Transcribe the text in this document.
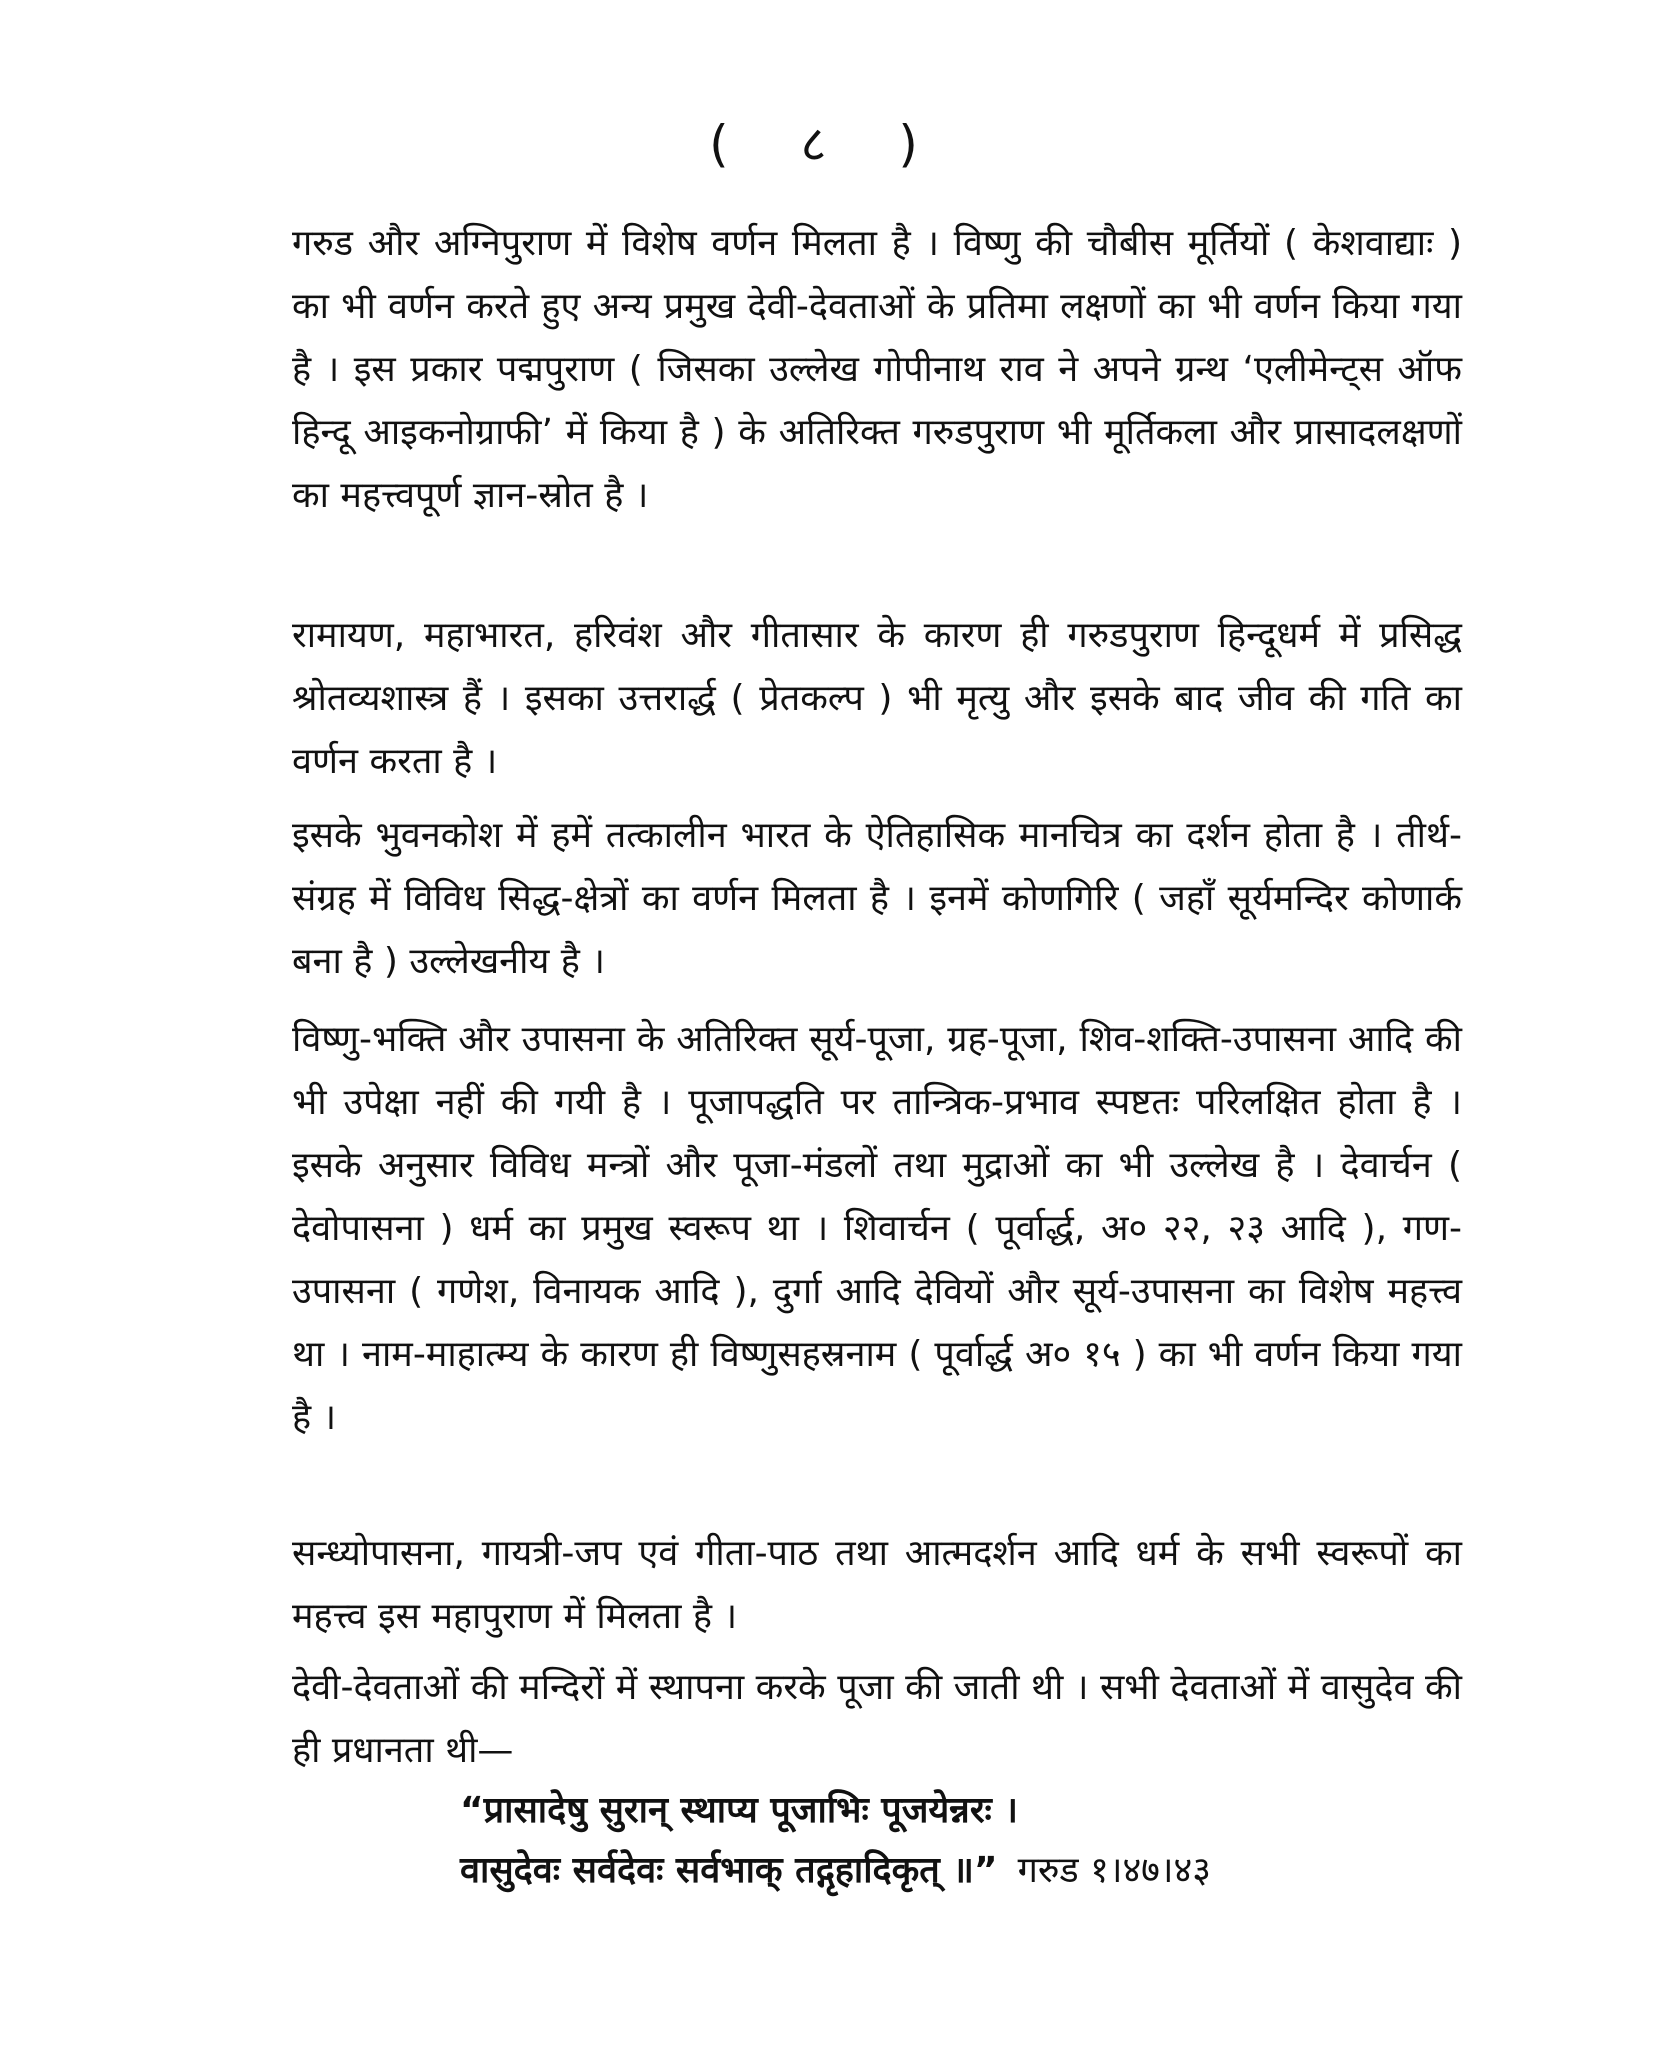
( ८ )

गरुड और अग्निपुराण में विशेष वर्णन मिलता है । विष्णु की चौबीस मूर्तियों ( केशवाद्याः ) का भी वर्णन करते हुए अन्य प्रमुख देवी-देवताओं के प्रतिमा लक्षणों का भी वर्णन किया गया है । इस प्रकार पद्मपुराण ( जिसका उल्लेख गोपीनाथ राव ने अपने ग्रन्थ ‘एलीमेन्ट्स ऑफ हिन्दू आइकनोग्राफी’ में किया है ) के अतिरिक्त गरुडपुराण भी मूर्तिकला और प्रासादलक्षणों का महत्त्वपूर्ण ज्ञान-स्रोत है ।

रामायण, महाभारत, हरिवंश और गीतासार के कारण ही गरुडपुराण हिन्दूधर्म में प्रसिद्ध श्रोतव्यशास्त्र हैं । इसका उत्तरार्द्ध ( प्रेतकल्प ) भी मृत्यु और इसके बाद जीव की गति का वर्णन करता है ।

इसके भुवनकोश में हमें तत्कालीन भारत के ऐतिहासिक मानचित्र का दर्शन होता है । तीर्थ-संग्रह में विविध सिद्ध-क्षेत्रों का वर्णन मिलता है । इनमें कोणगिरि ( जहाँ सूर्यमन्दिर कोणार्क बना है ) उल्लेखनीय है ।

विष्णु-भक्ति और उपासना के अतिरिक्त सूर्य-पूजा, ग्रह-पूजा, शिव-शक्ति-उपासना आदि की भी उपेक्षा नहीं की गयी है । पूजापद्धति पर तान्त्रिक-प्रभाव स्पष्टतः परिलक्षित होता है । इसके अनुसार विविध मन्त्रों और पूजा-मंडलों तथा मुद्राओं का भी उल्लेख है । देवार्चन ( देवोपासना ) धर्म का प्रमुख स्वरूप था । शिवार्चन ( पूर्वार्द्ध, अ० २२, २३ आदि ), गण-उपासना ( गणेश, विनायक आदि ), दुर्गा आदि देवियों और सूर्य-उपासना का विशेष महत्त्व था । नाम-माहात्म्य के कारण ही विष्णुसहस्रनाम ( पूर्वार्द्ध अ० १५ ) का भी वर्णन किया गया है ।

सन्ध्योपासना, गायत्री-जप एवं गीता-पाठ तथा आत्मदर्शन आदि धर्म के सभी स्वरूपों का महत्त्व इस महापुराण में मिलता है ।

देवी-देवताओं की मन्दिरों में स्थापना करके पूजा की जाती थी । सभी देवताओं में वासुदेव की ही प्रधानता थी—

“प्रासादेषु सुरान् स्थाप्य पूजाभिः पूजयेन्नरः ।
वासुदेवः सर्वदेवः सर्वभाक् तद्गृहादिकृत् ॥” गरुड १।४७।४३
